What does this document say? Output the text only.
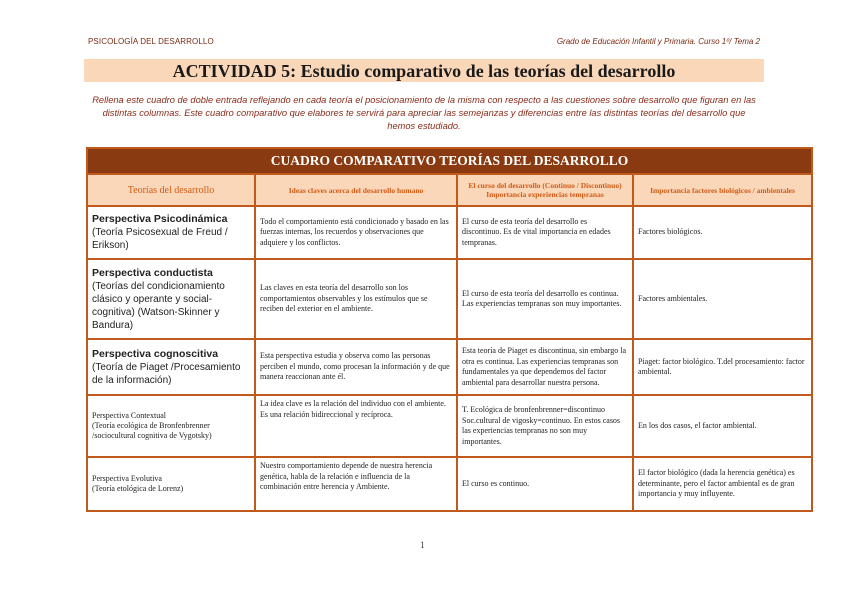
PSICOLOGÍA DEL DESARROLLO	Grado de Educación Infantil y Primaria. Curso 1º/ Tema 2
ACTIVIDAD 5: Estudio comparativo de las teorías del desarrollo
Rellena este cuadro de doble entrada reflejando en cada teoría el posicionamiento de la misma con respecto a las cuestiones sobre desarrollo que figuran en las distintas columnas. Este cuadro comparativo que elabores te servirá para apreciar las semejanzas y diferencias entre las distintas teorías del desarrollo que hemos estudiado.
CUADRO COMPARATIVO TEORÍAS DEL DESARROLLO			
Teorías del desarrollo	Ideas claves acerca del desarrollo humano	El curso del desarrollo (Continuo / Discontinuo) Importancia experiencias tempranas	Importancia factores biológicos / ambientales
Perspectiva Psicodinámica
(Teoría Psicosexual de Freud / Erikson)	Todo el comportamiento está condicionado y basado en las fuerzas internas, los recuerdos y observaciones que adquiere y los conflictos.	El curso de esta teoría del desarrollo es discontinuo. Es de vital importancia en edades tempranas.	Factores biológicos.
Perspectiva conductista
(Teorías del condicionamiento clásico y operante y social-cognitiva) (Watson-Skinner y Bandura)	Las claves en esta teoría del desarrollo son los comportamientos observables y los estímulos que se reciben del exterior en el ambiente.	El curso de esta teoría del desarrollo es continua. Las experiencias tempranas son muy importantes.	Factores ambientales.
Perspectiva cognoscitiva
(Teoría de Piaget /Procesamiento de la información)	Esta perspectiva estudia y observa como las personas perciben el mundo, como procesan la información y de que manera reaccionan ante él.	Esta teoría de Piaget es discontinua, sin embargo la otra es continua. Las experiencias tempranas son fundamentales ya que dependemos del factor ambiental para desarrollar nuestra persona.	Piaget: factor biológico. T.del procesamiento: factor ambiental.
Perspectiva Contextual
(Teoría ecológica de Bronfenbrenner /sociocultural cognitiva de Vygotsky)	La idea clave es la relación del individuo con el ambiente. Es una relación bidireccional y recíproca.	T. Ecológica de bronfenbrenner=discontinuo Soc.cultural de vigosky=continuo. En estos casos las experiencias tempranas no son muy importantes.	En los dos casos, el factor ambiental.
Perspectiva Evolutiva
(Teoría etológica de Lorenz)	Nuestro comportamiento depende de nuestra herencia genética, habla de la relación e influencia de la combinación entre herencia y Ambiente.	El curso es continuo.	El factor biológico (dada la herencia genética) es determinante, pero el factor ambiental es de gran importancia y muy influyente.
1
